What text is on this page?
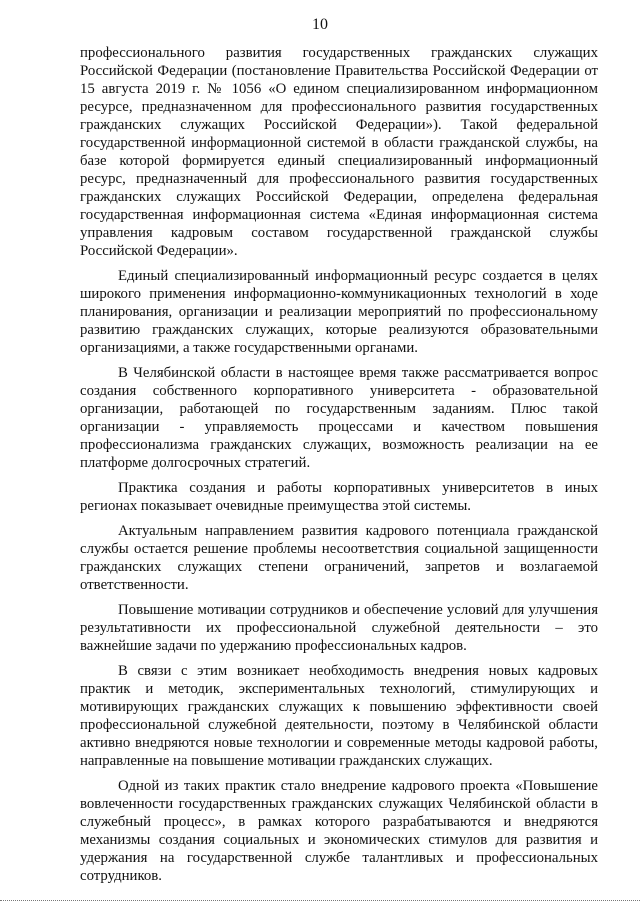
10

профессионального развития государственных гражданских служащих Российской Федерации (постановление Правительства Российской Федерации от 15 августа 2019 г. № 1056 «О едином специализированном информационном ресурсе, предназначенном для профессионального развития государственных гражданских служащих Российской Федерации»). Такой федеральной государственной информационной системой в области гражданской службы, на базе которой формируется единый специализированный информационный ресурс, предназначенный для профессионального развития государственных гражданских служащих Российской Федерации, определена федеральная государственная информационная система «Единая информационная система управления кадровым составом государственной гражданской службы Российской Федерации».

Единый специализированный информационный ресурс создается в целях широкого применения информационно-коммуникационных технологий в ходе планирования, организации и реализации мероприятий по профессиональному развитию гражданских служащих, которые реализуются образовательными организациями, а также государственными органами.

В Челябинской области в настоящее время также рассматривается вопрос создания собственного корпоративного университета - образовательной организации, работающей по государственным заданиям. Плюс такой организации - управляемость процессами и качеством повышения профессионализма гражданских служащих, возможность реализации на ее платформе долгосрочных стратегий.

Практика создания и работы корпоративных университетов в иных регионах показывает очевидные преимущества этой системы.

Актуальным направлением развития кадрового потенциала гражданской службы остается решение проблемы несоответствия социальной защищенности гражданских служащих степени ограничений, запретов и возлагаемой ответственности.

Повышение мотивации сотрудников и обеспечение условий для улучшения результативности их профессиональной служебной деятельности – это важнейшие задачи по удержанию профессиональных кадров.

В связи с этим возникает необходимость внедрения новых кадровых практик и методик, экспериментальных технологий, стимулирующих и мотивирующих гражданских служащих к повышению эффективности своей профессиональной служебной деятельности, поэтому в Челябинской области активно внедряются новые технологии и современные методы кадровой работы, направленные на повышение мотивации гражданских служащих.

Одной из таких практик стало внедрение кадрового проекта «Повышение вовлеченности государственных гражданских служащих Челябинской области в служебный процесс», в рамках которого разрабатываются и внедряются механизмы создания социальных и экономических стимулов для развития и удержания на государственной службе талантливых и профессиональных сотрудников.
